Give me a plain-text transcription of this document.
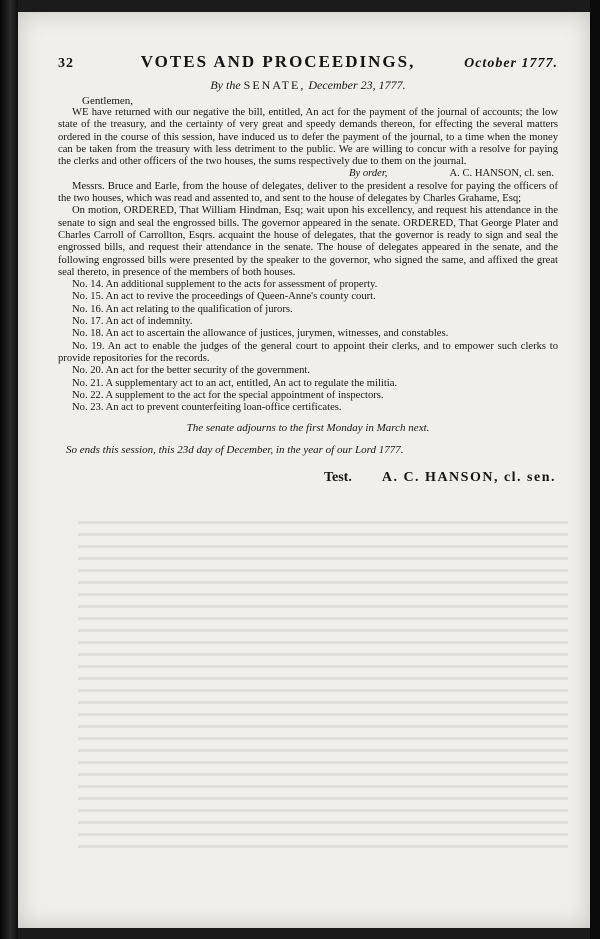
32	VOTES AND PROCEEDINGS,	October 1777.
By the SENATE, December 23, 1777.
Gentlemen,

WE have returned with our negative the bill, entitled, An act for the payment of the journal of accounts; the low state of the treasury, and the certainty of very great and speedy demands thereon, for effecting the several matters ordered in the course of this session, have induced us to defer the payment of the journal, to a time when the money can be taken from the treasury with less detriment to the public. We are willing to concur with a resolve for paying the clerks and other officers of the two houses, the sums respectively due to them on the journal.

By order,	A. C. HANSON, cl. sen.

Messrs. Bruce and Earle, from the house of delegates, deliver to the president a resolve for paying the officers of the two houses, which was read and assented to, and sent to the house of delegates by Charles Grahame, Esq;

On motion, ORDERED, That William Hindman, Esq; wait upon his excellency, and request his attendance in the senate to sign and seal the engrossed bills. The governor appeared in the senate. ORDERED, That George Plater and Charles Carroll of Carrollton, Esqrs. acquaint the house of delegates, that the governor is ready to sign and seal the engrossed bills, and request their attendance in the senate. The house of delegates appeared in the senate, and the following engrossed bills were presented by the speaker to the governor, who signed the same, and affixed the great seal thereto, in presence of the members of both houses.

No. 14. An additional supplement to the acts for assessment of property.
No. 15. An act to revive the proceedings of Queen-Anne's county court.
No. 16. An act relating to the qualification of jurors.
No. 17. An act of indemnity.
No. 18. An act to ascertain the allowance of justices, jurymen, witnesses, and constables.
No. 19. An act to enable the judges of the general court to appoint their clerks, and to empower such clerks to provide repositories for the records.
No. 20. An act for the better security of the government.
No. 21. A supplementary act to an act, entitled, An act to regulate the militia.
No. 22. A supplement to the act for the special appointment of inspectors.
No. 23. An act to prevent counterfeiting loan-office certificates.
The senate adjourns to the first Monday in March next.
So ends this session, this 23d day of December, in the year of our Lord 1777.
Test. A. C. HANSON, cl. sen.
